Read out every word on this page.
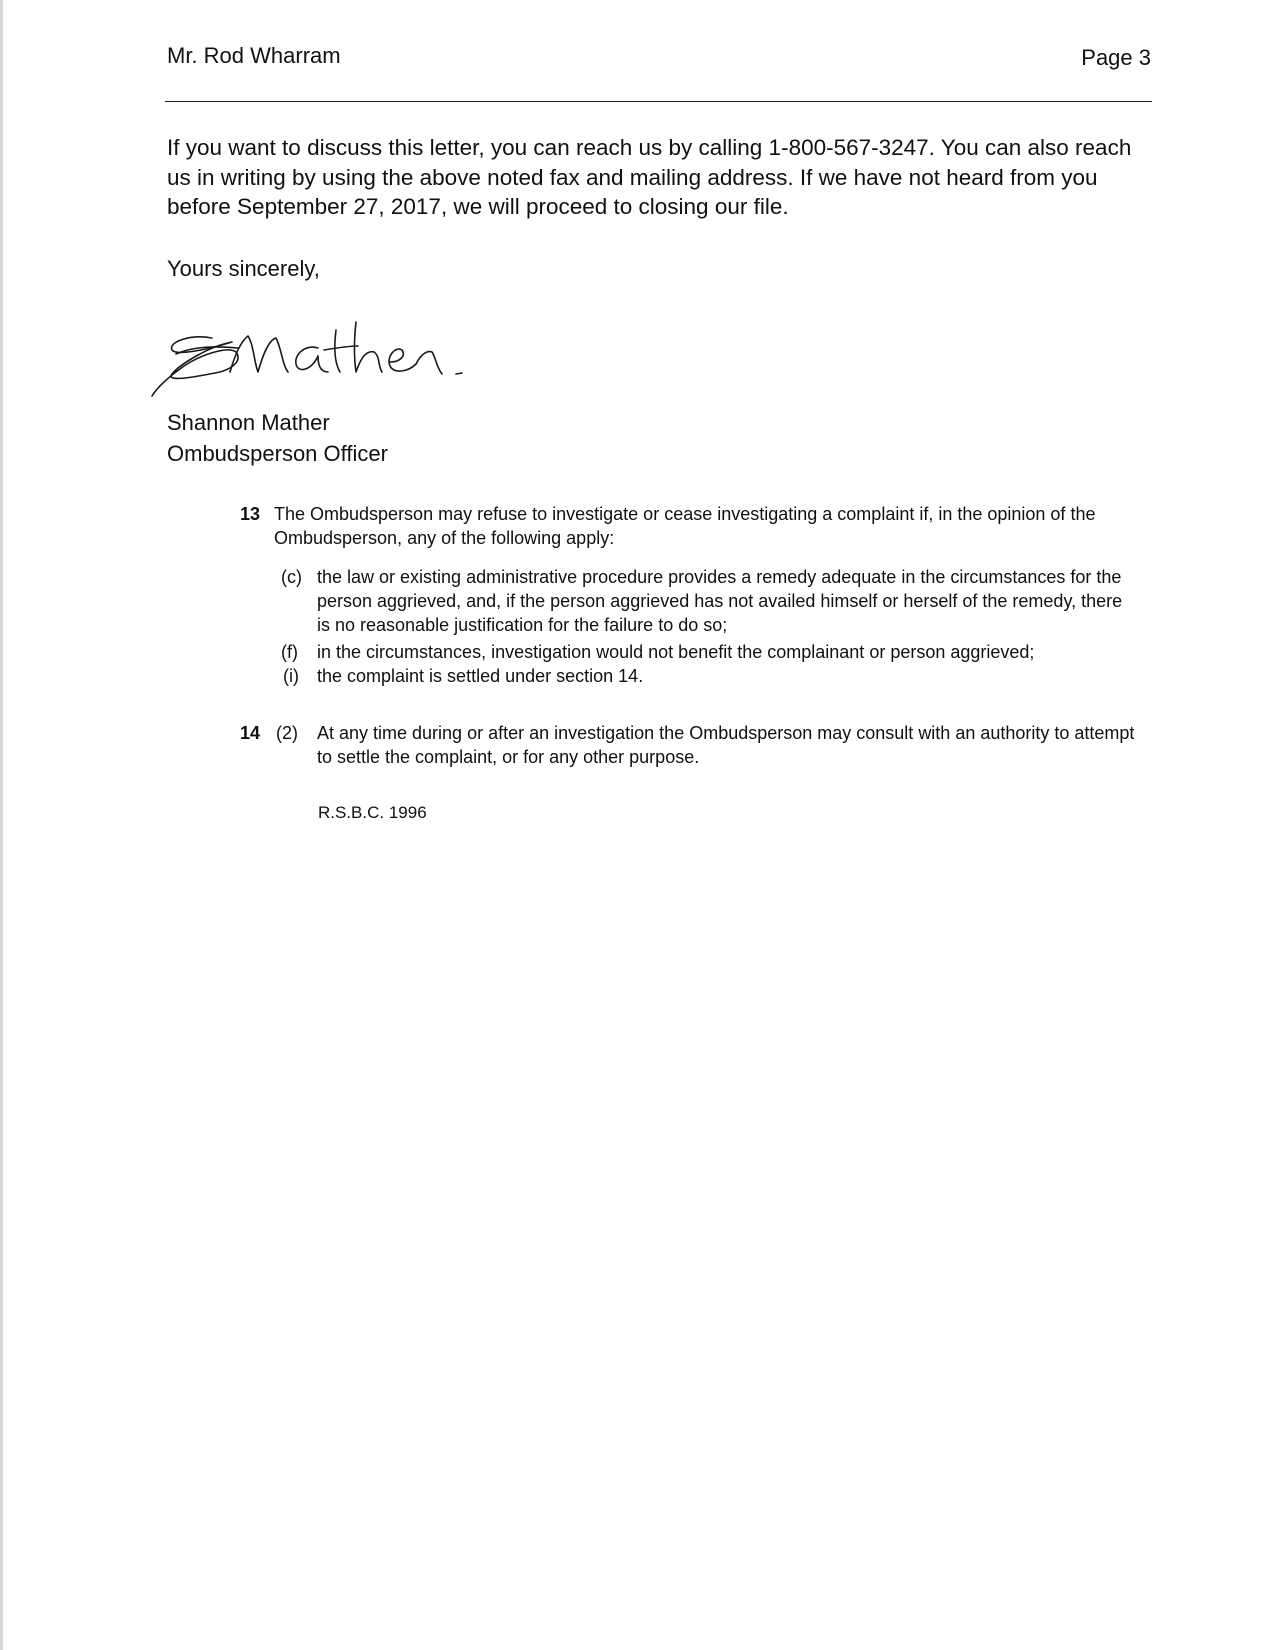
Mr. Rod Wharram	Page 3
If you want to discuss this letter, you can reach us by calling 1-800-567-3247. You can also reach us in writing by using the above noted fax and mailing address. If we have not heard from you before September 27, 2017, we will proceed to closing our file.
Yours sincerely,
Shannon Mather
Ombudsperson Officer
13 The Ombudsperson may refuse to investigate or cease investigating a complaint if, in the opinion of the Ombudsperson, any of the following apply:
(c) the law or existing administrative procedure provides a remedy adequate in the circumstances for the person aggrieved, and, if the person aggrieved has not availed himself or herself of the remedy, there is no reasonable justification for the failure to do so;
(f) in the circumstances, investigation would not benefit the complainant or person aggrieved;
(i) the complaint is settled under section 14.
14 (2) At any time during or after an investigation the Ombudsperson may consult with an authority to attempt to settle the complaint, or for any other purpose.
R.S.B.C. 1996
